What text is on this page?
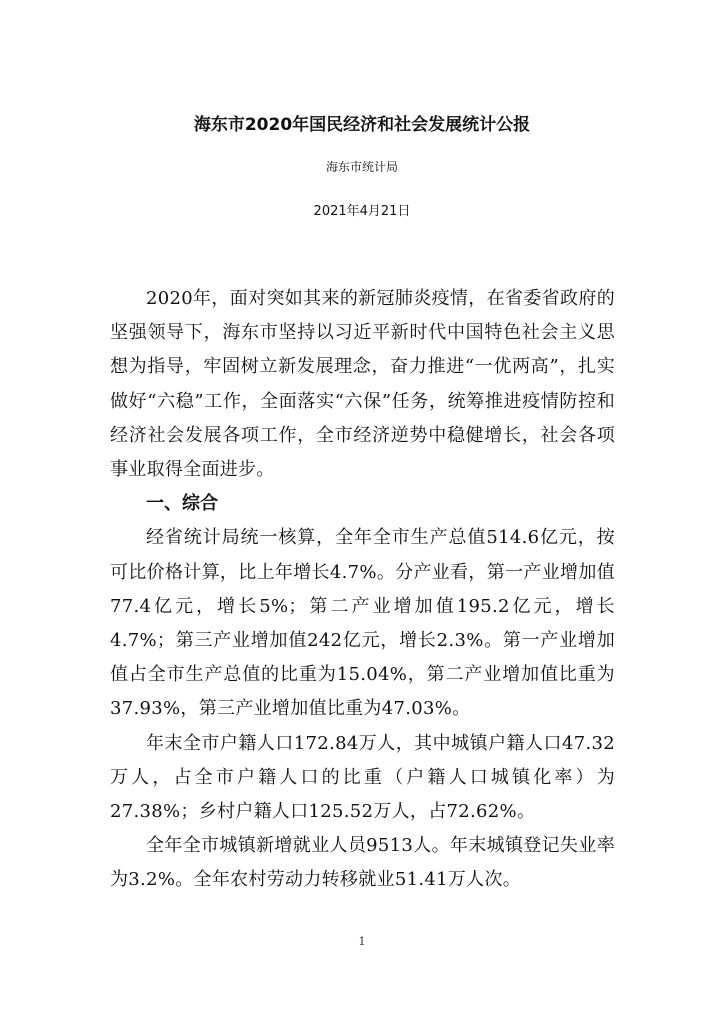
海东市2020年国民经济和社会发展统计公报
海东市统计局
2021年4月21日

2020年，面对突如其来的新冠肺炎疫情，在省委省政府的坚强领导下，海东市坚持以习近平新时代中国特色社会主义思想为指导，牢固树立新发展理念，奋力推进“一优两高”，扎实做好“六稳”工作，全面落实“六保”任务，统筹推进疫情防控和经济社会发展各项工作，全市经济逆势中稳健增长，社会各项事业取得全面进步。

一、综合

经省统计局统一核算，全年全市生产总值514.6亿元，按可比价格计算，比上年增长4.7%。分产业看，第一产业增加值77.4亿元，增长5%；第二产业增加值195.2亿元，增长4.7%；第三产业增加值242亿元，增长2.3%。第一产业增加值占全市生产总值的比重为15.04%，第二产业增加值比重为37.93%，第三产业增加值比重为47.03%。

年末全市户籍人口172.84万人，其中城镇户籍人口47.32万人，占全市户籍人口的比重（户籍人口城镇化率）为27.38%；乡村户籍人口125.52万人，占72.62%。

全年全市城镇新增就业人员9513人。年末城镇登记失业率为3.2%。全年农村劳动力转移就业51.41万人次。

1
